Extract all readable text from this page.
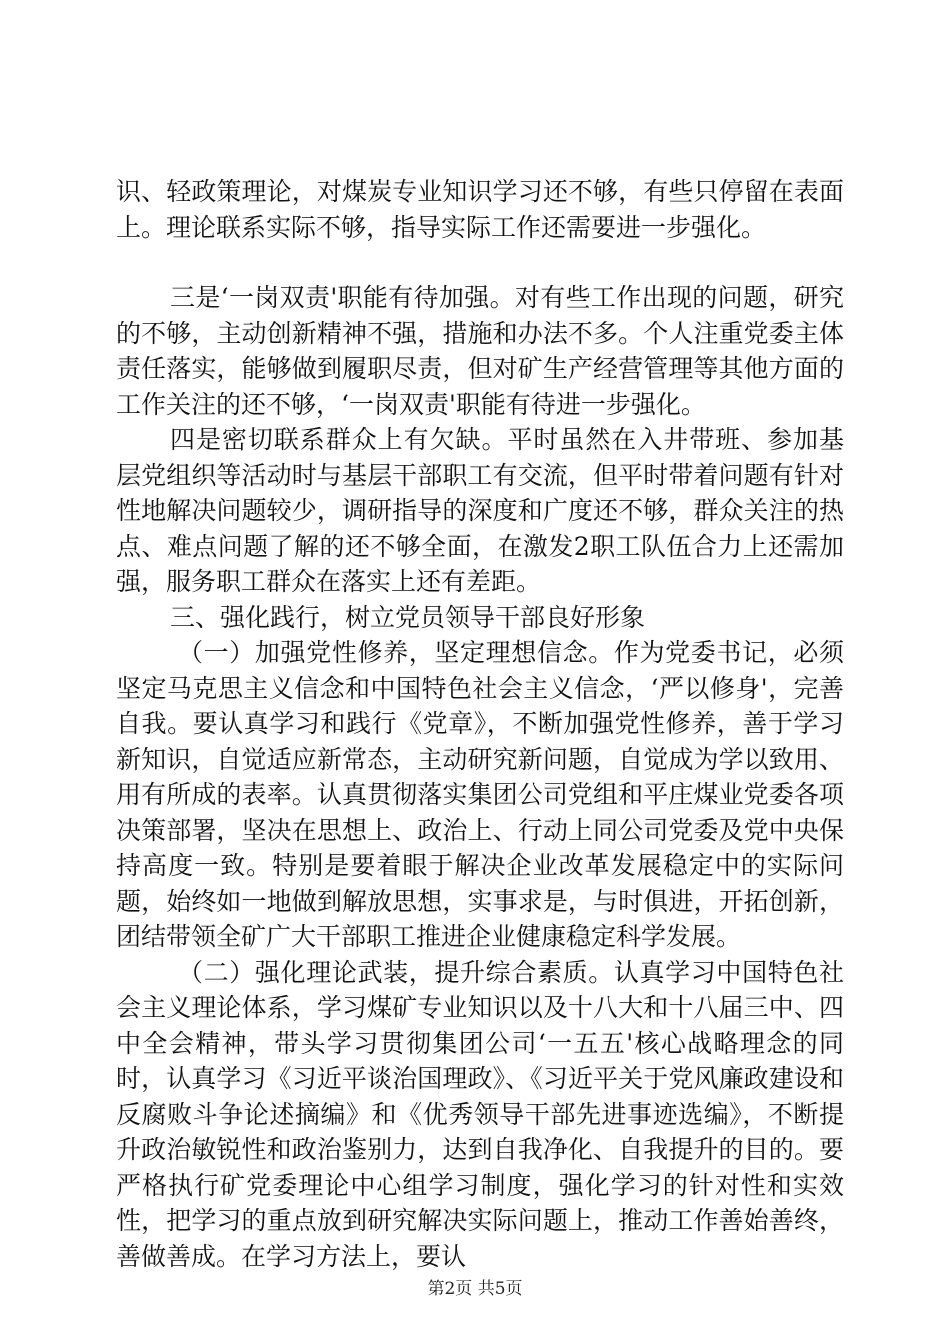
识、轻政策理论，对煤炭专业知识学习还不够，有些只停留在表面上。理论联系实际不够，指导实际工作还需要进一步强化。

三是‘一岗双责'职能有待加强。对有些工作出现的问题，研究的不够，主动创新精神不强，措施和办法不多。个人注重党委主体责任落实，能够做到履职尽责，但对矿生产经营管理等其他方面的工作关注的还不够，‘一岗双责'职能有待进一步强化。

四是密切联系群众上有欠缺。平时虽然在入井带班、参加基层党组织等活动时与基层干部职工有交流，但平时带着问题有针对性地解决问题较少，调研指导的深度和广度还不够，群众关注的热点、难点问题了解的还不够全面，在激发2职工队伍合力上还需加强，服务职工群众在落实上还有差距。

三、强化践行，树立党员领导干部良好形象

（一）加强党性修养，坚定理想信念。作为党委书记，必须坚定马克思主义信念和中国特色社会主义信念，‘严以修身'，完善自我。要认真学习和践行《党章》，不断加强党性修养，善于学习新知识，自觉适应新常态，主动研究新问题，自觉成为学以致用、用有所成的表率。认真贯彻落实集团公司党组和平庄煤业党委各项决策部署，坚决在思想上、政治上、行动上同公司党委及党中央保持高度一致。特别是要着眼于解决企业改革发展稳定中的实际问题，始终如一地做到解放思想，实事求是，与时俱进，开拓创新，团结带领全矿广大干部职工推进企业健康稳定科学发展。

（二）强化理论武装，提升综合素质。认真学习中国特色社会主义理论体系，学习煤矿专业知识以及十八大和十八届三中、四中全会精神，带头学习贯彻集团公司‘一五五'核心战略理念的同时，认真学习《习近平谈治国理政》、《习近平关于党风廉政建设和反腐败斗争论述摘编》和《优秀领导干部先进事迹选编》，不断提升政治敏锐性和政治鉴别力，达到自我净化、自我提升的目的。要严格执行矿党委理论中心组学习制度，强化学习的针对性和实效性，把学习的重点放到研究解决实际问题上，推动工作善始善终，善做善成。在学习方法上，要认

第2页 共5页
